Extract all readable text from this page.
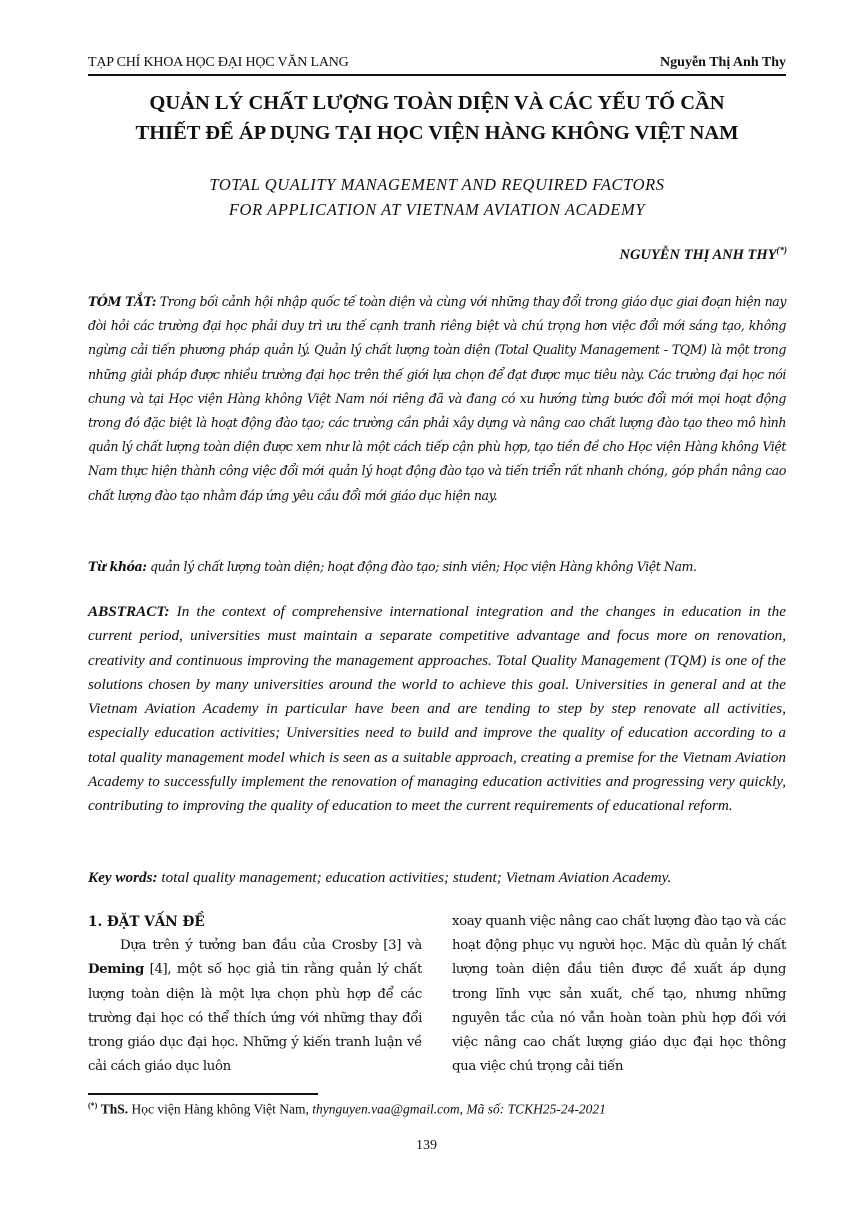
TẠP CHÍ KHOA HỌC ĐẠI HỌC VĂN LANG	Nguyễn Thị Anh Thy
QUẢN LÝ CHẤT LƯỢNG TOÀN DIỆN VÀ CÁC YẾU TỐ CẦN
THIẾT ĐỂ ÁP DỤNG TẠI HỌC VIỆN HÀNG KHÔNG VIỆT NAM
TOTAL QUALITY MANAGEMENT AND REQUIRED FACTORS
FOR APPLICATION AT VIETNAM AVIATION ACADEMY
NGUYỄN THỊ ANH THY(*)
TÓM TẮT: Trong bối cảnh hội nhập quốc tế toàn diện và cùng với những thay đổi trong giáo dục giai đoạn hiện nay đòi hỏi các trường đại học phải duy trì ưu thế cạnh tranh riêng biệt và chú trọng hơn việc đổi mới sáng tạo, không ngừng cải tiến phương pháp quản lý. Quản lý chất lượng toàn diện (Total Quality Management - TQM) là một trong những giải pháp được nhiều trường đại học trên thế giới lựa chọn để đạt được mục tiêu này. Các trường đại học nói chung và tại Học viện Hàng không Việt Nam nói riêng đã và đang có xu hướng từng bước đổi mới mọi hoạt động trong đó đặc biệt là hoạt động đào tạo; các trường cần phải xây dựng và nâng cao chất lượng đào tạo theo mô hình quản lý chất lượng toàn diện được xem như là một cách tiếp cận phù hợp, tạo tiền đề cho Học viện Hàng không Việt Nam thực hiện thành công việc đổi mới quản lý hoạt động đào tạo và tiến triển rất nhanh chóng, góp phần nâng cao chất lượng đào tạo nhằm đáp ứng yêu cầu đổi mới giáo dục hiện nay.
Từ khóa: quản lý chất lượng toàn diện; hoạt động đào tạo; sinh viên; Học viện Hàng không Việt Nam.
ABSTRACT: In the context of comprehensive international integration and the changes in education in the current period, universities must maintain a separate competitive advantage and focus more on renovation, creativity and continuous improving the management approaches. Total Quality Management (TQM) is one of the solutions chosen by many universities around the world to achieve this goal. Universities in general and at the Vietnam Aviation Academy in particular have been and are tending to step by step renovate all activities, especially education activities; Universities need to build and improve the quality of education according to a total quality management model which is seen as a suitable approach, creating a premise for the Vietnam Aviation Academy to successfully implement the renovation of managing education activities and progressing very quickly, contributing to improving the quality of education to meet the current requirements of educational reform.
Key words: total quality management; education activities; student; Vietnam Aviation Academy.
1. ĐẶT VẤN ĐỀ
Dựa trên ý tưởng ban đầu của Crosby [3] và Deming [4], một số học giả tin rằng quản lý chất lượng toàn diện là một lựa chọn phù hợp để các trường đại học có thể thích ứng với những thay đổi trong giáo dục đại học. Những ý kiến tranh luận về cải cách giáo dục luôn
xoay quanh việc nâng cao chất lượng đào tạo và các hoạt động phục vụ người học. Mặc dù quản lý chất lượng toàn diện đầu tiên được đề xuất áp dụng trong lĩnh vực sản xuất, chế tạo, nhưng những nguyên tắc của nó vẫn hoàn toàn phù hợp đối với việc nâng cao chất lượng giáo dục đại học thông qua việc chú trọng cải tiến
(*) ThS. Học viện Hàng không Việt Nam, thynguyen.vaa@gmail.com, Mã số: TCKH25-24-2021
139
